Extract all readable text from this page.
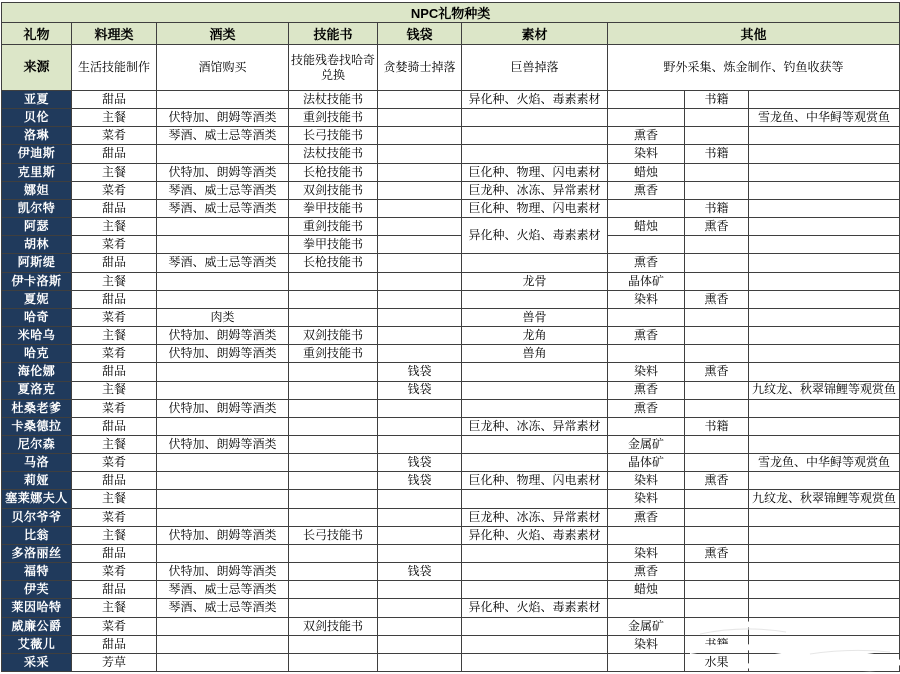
NPC礼物种类								
礼物	料理类	酒类	技能书	钱袋	素材	其他		
来源	生活技能制作	酒馆购买	技能残卷找哈奇兑换	贪婪骑士掉落	巨兽掉落	野外采集、炼金制作、钓鱼收获等		
亚夏	甜品		法杖技能书		异化种、火焰、毒素素材		书籍	
贝伦	主餐	伏特加、朗姆等酒类	重剑技能书					雪龙鱼、中华鲟等观赏鱼
洛琳	菜肴	琴酒、威士忌等酒类	长弓技能书			熏香		
伊迪斯	甜品		法杖技能书			染料	书籍	
克里斯	主餐	伏特加、朗姆等酒类	长枪技能书		巨化种、物理、闪电素材	蜡烛		
娜妲	菜肴	琴酒、威士忌等酒类	双剑技能书		巨龙种、冰冻、异常素材	熏香		
凯尔特	甜品	琴酒、威士忌等酒类	拳甲技能书		巨化种、物理、闪电素材		书籍	
阿瑟	主餐		重剑技能书		异化种、火焰、毒素素材	蜡烛	熏香	
胡林	菜肴		拳甲技能书					
阿斯缇	甜品	琴酒、威士忌等酒类	长枪技能书			熏香		
伊卡洛斯	主餐				龙骨	晶体矿		
夏妮	甜品					染料	熏香	
哈奇	菜肴	肉类			兽骨			
米哈乌	主餐	伏特加、朗姆等酒类	双剑技能书		龙角	熏香		
哈克	菜肴	伏特加、朗姆等酒类	重剑技能书		兽角			
海伦娜	甜品			钱袋		染料	熏香	
夏洛克	主餐			钱袋		熏香		九纹龙、秋翠锦鲤等观赏鱼
杜桑老爹	菜肴	伏特加、朗姆等酒类				熏香		
卡桑德拉	甜品				巨龙种、冰冻、异常素材		书籍	
尼尔森	主餐	伏特加、朗姆等酒类				金属矿		
马洛	菜肴			钱袋		晶体矿		雪龙鱼、中华鲟等观赏鱼
莉娅	甜品			钱袋	巨化种、物理、闪电素材	染料	熏香	
塞莱娜夫人	主餐					染料		九纹龙、秋翠锦鲤等观赏鱼
贝尔爷爷	菜肴				巨龙种、冰冻、异常素材	熏香		
比翁	主餐	伏特加、朗姆等酒类	长弓技能书		异化种、火焰、毒素素材			
多洛丽丝	甜品					染料	熏香	
福特	菜肴	伏特加、朗姆等酒类		钱袋		熏香		
伊芙	甜品	琴酒、威士忌等酒类				蜡烛		
莱因哈特	主餐	琴酒、威士忌等酒类			异化种、火焰、毒素素材			
威廉公爵	菜肴		双剑技能书			金属矿		
艾薇儿	甜品					染料	书籍	
采采	芳草						水果	
